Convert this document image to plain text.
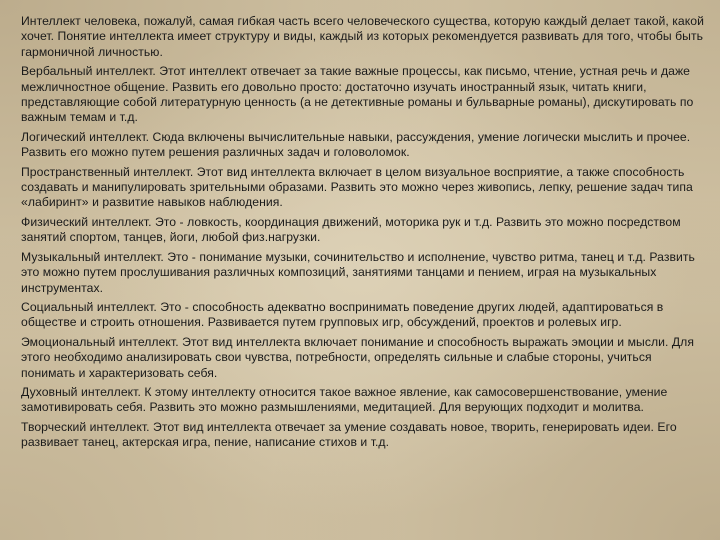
Интеллект человека, пожалуй, самая гибкая часть всего человеческого существа, которую каждый делает такой, какой хочет. Понятие интеллекта имеет структуру и виды, каждый из которых рекомендуется развивать для того, чтобы быть гармоничной личностью.

Вербальный интеллект. Этот интеллект отвечает за такие важные процессы, как письмо, чтение, устная речь и даже межличностное общение. Развить его довольно просто: достаточно изучать иностранный язык, читать книги, представляющие собой литературную ценность (а не детективные романы и бульварные романы), дискутировать по важным темам и т.д.

Логический интеллект. Сюда включены вычислительные навыки, рассуждения, умение логически мыслить и прочее. Развить его можно путем решения различных задач и головоломок.

Пространственный интеллект. Этот вид интеллекта включает в целом визуальное восприятие, а также способность создавать и манипулировать зрительными образами. Развить это можно через живопись, лепку, решение задач типа «лабиринт» и развитие навыков наблюдения.

Физический интеллект. Это - ловкость, координация движений, моторика рук и т.д. Развить это можно посредством занятий спортом, танцев, йоги, любой физ.нагрузки.

Музыкальный интеллект. Это - понимание музыки, сочинительство и исполнение, чувство ритма, танец и т.д. Развить это можно путем прослушивания различных композиций, занятиями танцами и пением, играя на музыкальных инструментах.

Социальный интеллект. Это - способность адекватно воспринимать поведение других людей, адаптироваться в обществе и строить отношения. Развивается путем групповых игр, обсуждений, проектов и ролевых игр.

Эмоциональный интеллект. Этот вид интеллекта включает понимание и способность выражать эмоции и мысли. Для этого необходимо анализировать свои чувства, потребности, определять сильные и слабые стороны, учиться понимать и характеризовать себя.

Духовный интеллект. К этому интеллекту относится такое важное явление, как самосовершенствование, умение замотивировать себя. Развить это можно размышлениями, медитацией. Для верующих подходит и молитва.

Творческий интеллект. Этот вид интеллекта отвечает за умение создавать новое, творить, генерировать идеи. Его развивает танец, актерская игра, пение, написание стихов и т.д.
